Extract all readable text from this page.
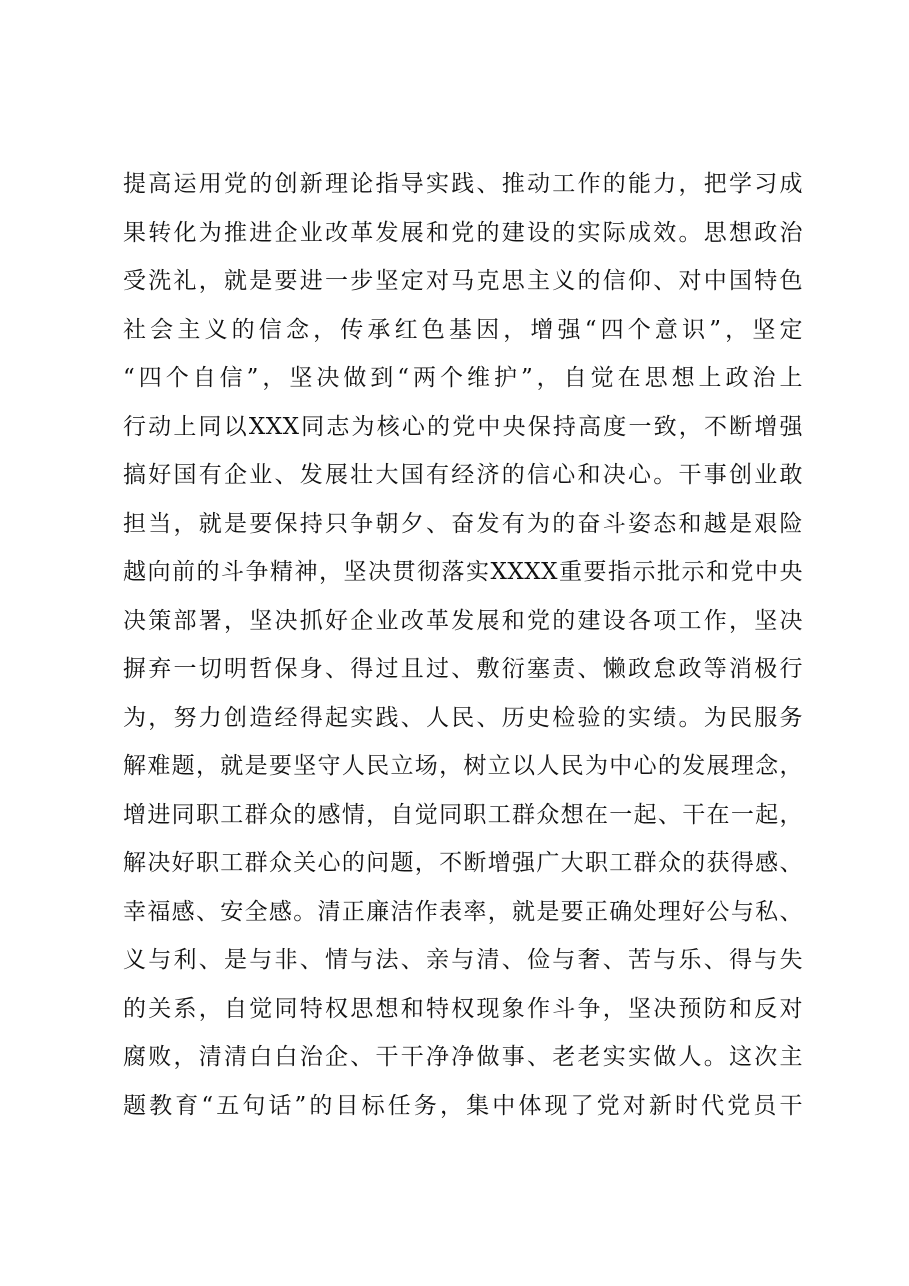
提高运用党的创新理论指导实践、推动工作的能力，把学习成
果转化为推进企业改革发展和党的建设的实际成效。思想政治
受洗礼，就是要进一步坚定对马克思主义的信仰、对中国特色
社会主义的信念，传承红色基因，增强“四个意识”，坚定
“四个自信”，坚决做到“两个维护”，自觉在思想上政治上
行动上同以XXX同志为核心的党中央保持高度一致，不断增强
搞好国有企业、发展壮大国有经济的信心和决心。干事创业敢
担当，就是要保持只争朝夕、奋发有为的奋斗姿态和越是艰险
越向前的斗争精神，坚决贯彻落实XXXX重要指示批示和党中央
决策部署，坚决抓好企业改革发展和党的建设各项工作，坚决
摒弃一切明哲保身、得过且过、敷衍塞责、懒政怠政等消极行
为，努力创造经得起实践、人民、历史检验的实绩。为民服务
解难题，就是要坚守人民立场，树立以人民为中心的发展理念，
增进同职工群众的感情，自觉同职工群众想在一起、干在一起，
解决好职工群众关心的问题，不断增强广大职工群众的获得感、
幸福感、安全感。清正廉洁作表率，就是要正确处理好公与私、
义与利、是与非、情与法、亲与清、俭与奢、苦与乐、得与失
的关系，自觉同特权思想和特权现象作斗争，坚决预防和反对
腐败，清清白白治企、干干净净做事、老老实实做人。这次主
题教育“五句话”的目标任务，集中体现了党对新时代党员干
